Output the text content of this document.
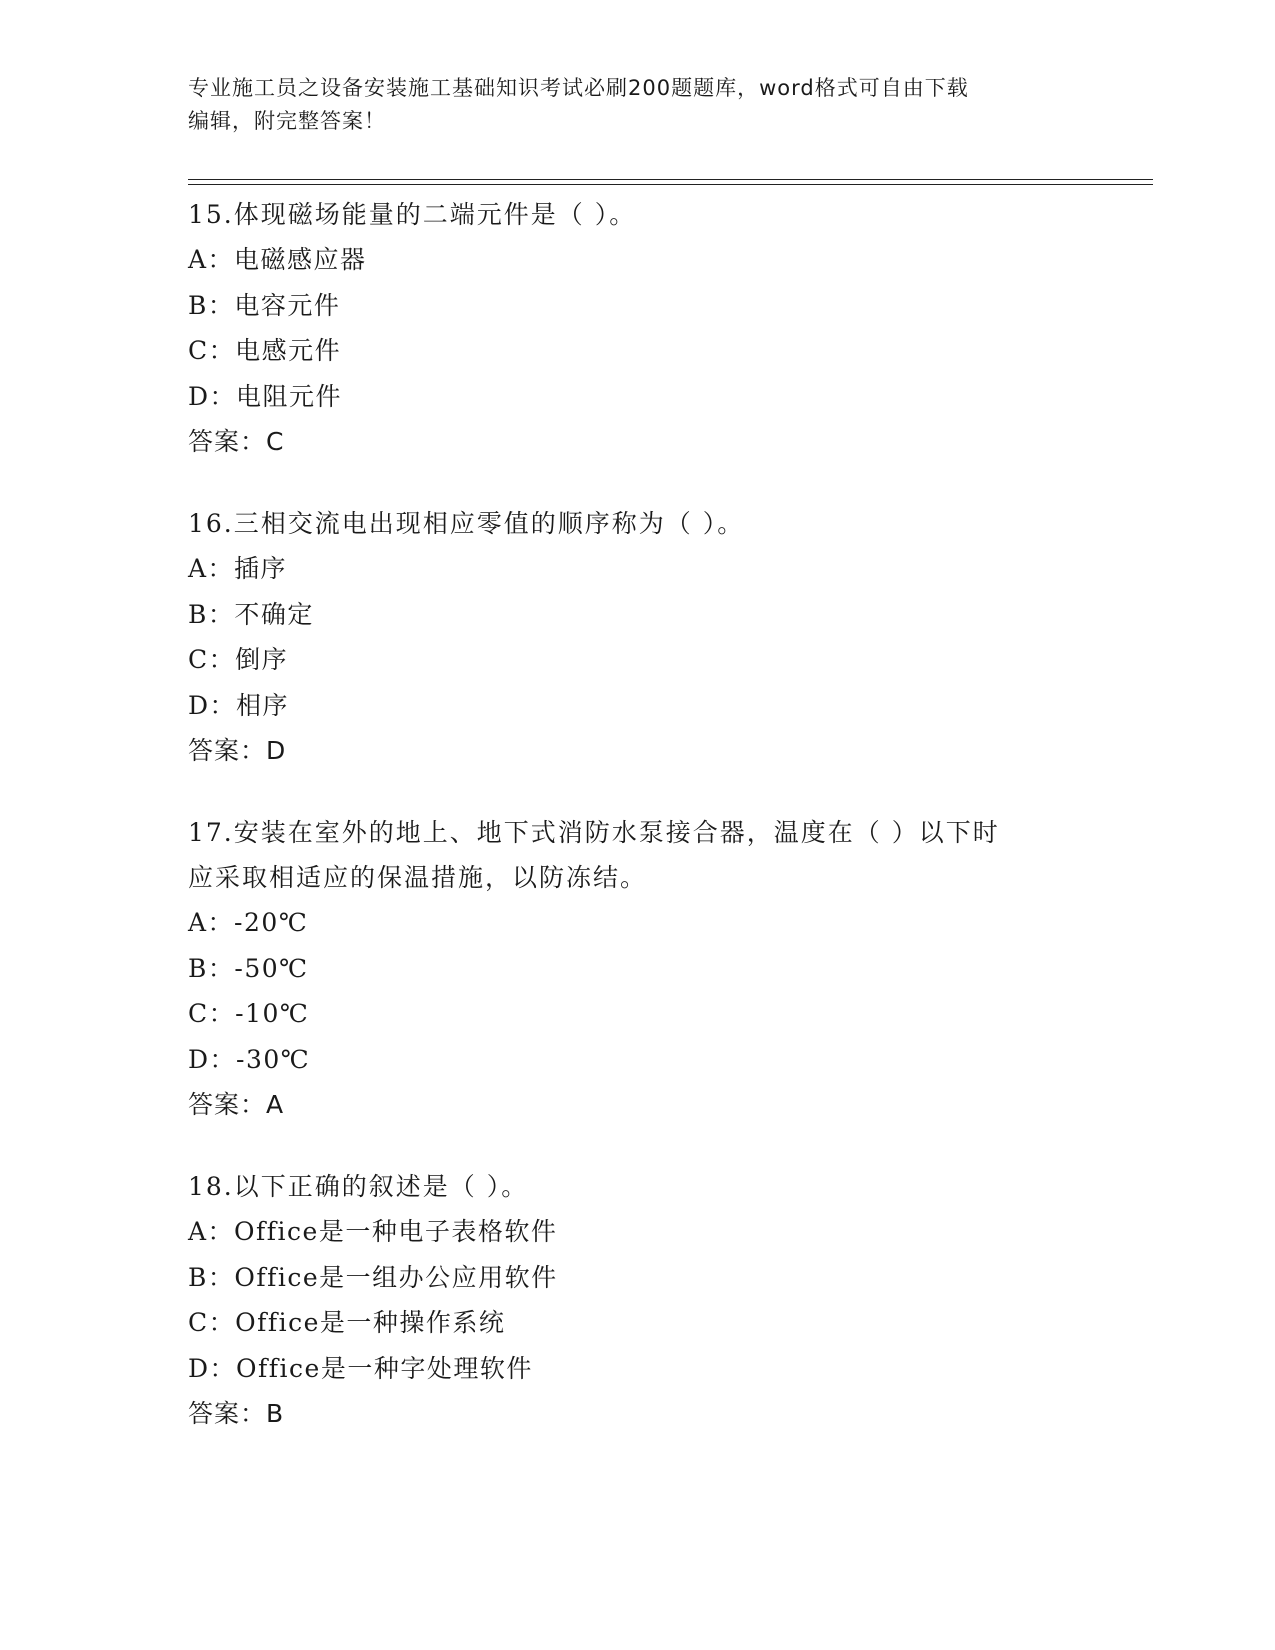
专业施工员之设备安装施工基础知识考试必刷200题题库，word格式可自由下载
编辑，附完整答案！
15.体现磁场能量的二端元件是（ ）。
A：电磁感应器
B：电容元件
C：电感元件
D：电阻元件
答案：C
16.三相交流电出现相应零值的顺序称为（ ）。
A：插序
B：不确定
C：倒序
D：相序
答案：D
17.安装在室外的地上、地下式消防水泵接合器，温度在（ ）以下时
应采取相适应的保温措施，以防冻结。
A：-20℃
B：-50℃
C：-10℃
D：-30℃
答案：A
18.以下正确的叙述是（ ）。
A：Office是一种电子表格软件
B：Office是一组办公应用软件
C：Office是一种操作系统
D：Office是一种字处理软件
答案：B
